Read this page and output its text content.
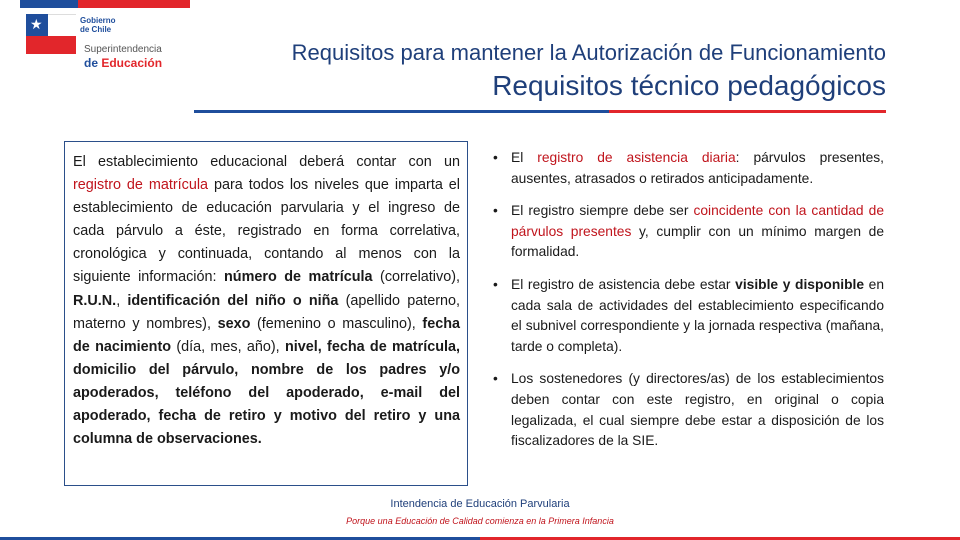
★	Gobierno de Chile
Superintendencia
de Educación	Requisitos para mantener la Autorización de Funcionamiento
Requisitos técnico pedagógicos

El establecimiento educacional deberá contar con un registro de matrícula para todos los niveles que imparta el establecimiento de educación parvularia y el ingreso de cada párvulo a éste, registrado en forma correlativa, cronológica y continuada, contando al menos con la siguiente información: número de matrícula (correlativo), R.U.N., identificación del niño o niña (apellido paterno, materno y nombres), sexo (femenino o masculino), fecha de nacimiento (día, mes, año), nivel, fecha de matrícula, domicilio del párvulo, nombre de los padres y/o apoderados, teléfono del apoderado, e-mail del apoderado, fecha de retiro y motivo del retiro y una columna de observaciones.

• El registro de asistencia diaria: párvulos presentes, ausentes, atrasados o retirados anticipadamente.
• El registro siempre debe ser coincidente con la cantidad de párvulos presentes y, cumplir con un mínimo margen de formalidad.
• El registro de asistencia debe estar visible y disponible en cada sala de actividades del establecimiento especificando el subnivel correspondiente y la jornada respectiva (mañana, tarde o completa).
• Los sostenedores (y directores/as) de los establecimientos deben contar con este registro, en original o copia legalizada, el cual siempre debe estar a disposición de los fiscalizadores de la SIE.
Intendencia de Educación Parvularia
Porque una Educación de Calidad comienza en la Primera Infancia
